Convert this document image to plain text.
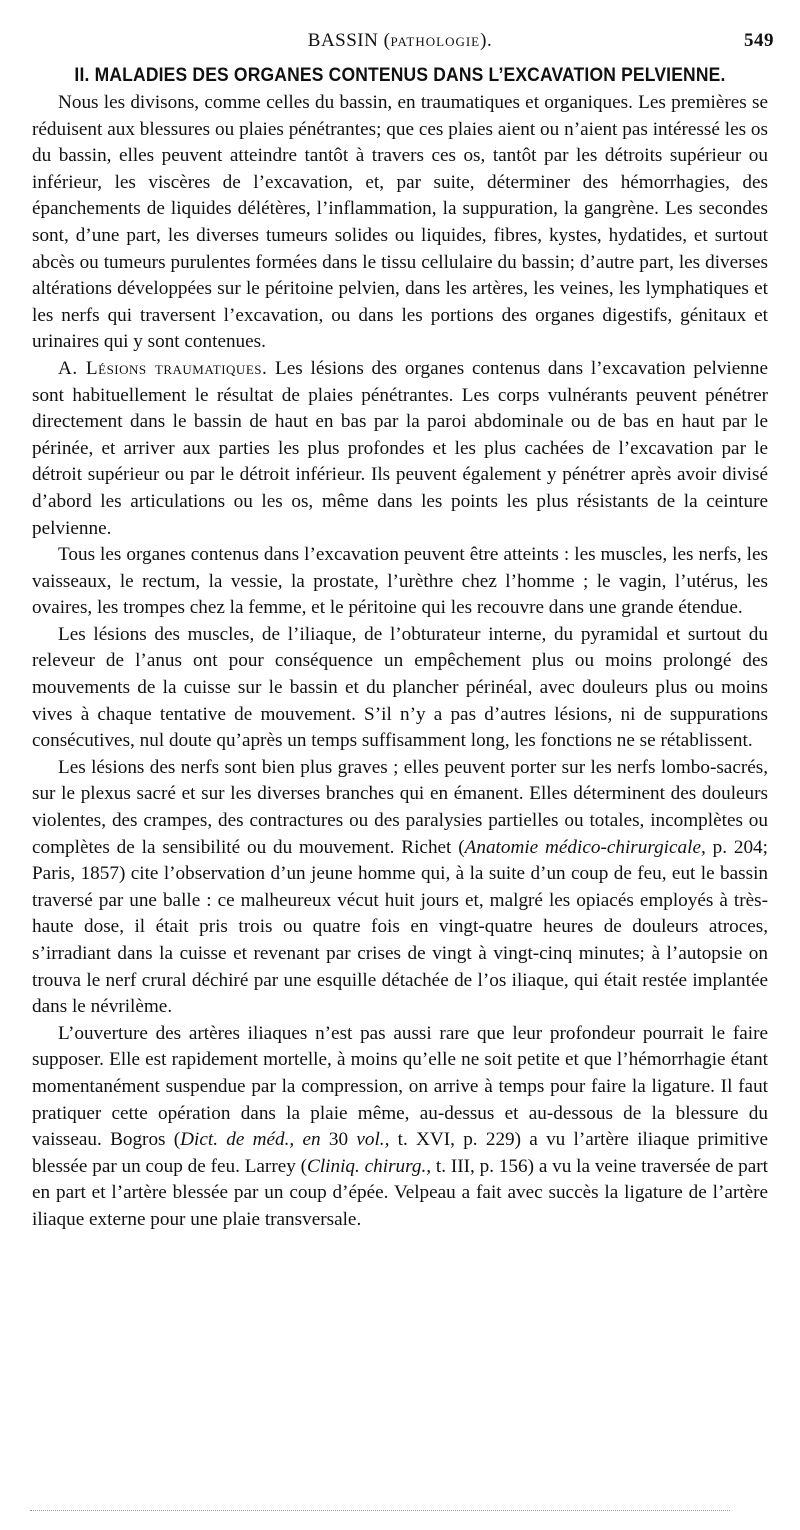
BASSIN (PATHOLOGIE).	549
II. MALADIES DES ORGANES CONTENUS DANS L’EXCAVATION PELVIENNE.

Nous les divisons, comme celles du bassin, en traumatiques et organiques. Les premières se réduisent aux blessures ou plaies pénétrantes; que ces plaies aient ou n’aient pas intéressé les os du bassin, elles peuvent atteindre tantôt à travers ces os, tantôt par les détroits supérieur ou inférieur, les viscères de l’excavation, et, par suite, déterminer des hémorrhagies, des épanchements de liquides délétères, l’inflammation, la suppuration, la gangrène. Les secondes sont, d’une part, les diverses tumeurs solides ou liquides, fibres, kystes, hydatides, et surtout abcès ou tumeurs purulentes formées dans le tissu cellulaire du bassin; d’autre part, les diverses altérations développées sur le péritoine pelvien, dans les artères, les veines, les lymphatiques et les nerfs qui traversent l’excavation, ou dans les portions des organes digestifs, génitaux et urinaires qui y sont contenues.

A. Lésions traumatiques. Les lésions des organes contenus dans l’excavation pelvienne sont habituellement le résultat de plaies pénétrantes. Les corps vulnérants peuvent pénétrer directement dans le bassin de haut en bas par la paroi abdominale ou de bas en haut par le périnée, et arriver aux parties les plus profondes et les plus cachées de l’excavation par le détroit supérieur ou par le détroit inférieur. Ils peuvent également y pénétrer après avoir divisé d’abord les articulations ou les os, même dans les points les plus résistants de la ceinture pelvienne.

Tous les organes contenus dans l’excavation peuvent être atteints : les muscles, les nerfs, les vaisseaux, le rectum, la vessie, la prostate, l’urèthre chez l’homme ; le vagin, l’utérus, les ovaires, les trompes chez la femme, et le péritoine qui les recouvre dans une grande étendue.

Les lésions des muscles, de l’iliaque, de l’obturateur interne, du pyramidal et surtout du releveur de l’anus ont pour conséquence un empêchement plus ou moins prolongé des mouvements de la cuisse sur le bassin et du plancher périnéal, avec douleurs plus ou moins vives à chaque tentative de mouvement. S’il n’y a pas d’autres lésions, ni de suppurations consécutives, nul doute qu’après un temps suffisamment long, les fonctions ne se rétablissent.

Les lésions des nerfs sont bien plus graves ; elles peuvent porter sur les nerfs lombo-sacrés, sur le plexus sacré et sur les diverses branches qui en émanent. Elles déterminent des douleurs violentes, des crampes, des contractures ou des paralysies partielles ou totales, incomplètes ou complètes de la sensibilité ou du mouvement. Richet (Anatomie médico-chirurgicale, p. 204; Paris, 1857) cite l’observation d’un jeune homme qui, à la suite d’un coup de feu, eut le bassin traversé par une balle : ce malheureux vécut huit jours et, malgré les opiacés employés à très-haute dose, il était pris trois ou quatre fois en vingt-quatre heures de douleurs atroces, s’irradiant dans la cuisse et revenant par crises de vingt à vingt-cinq minutes; à l’autopsie on trouva le nerf crural déchiré par une esquille détachée de l’os iliaque, qui était restée implantée dans le névrilème.

L’ouverture des artères iliaques n’est pas aussi rare que leur profondeur pourrait le faire supposer. Elle est rapidement mortelle, à moins qu’elle ne soit petite et que l’hémorrhagie étant momentanément suspendue par la compression, on arrive à temps pour faire la ligature. Il faut pratiquer cette opération dans la plaie même, au-dessus et au-dessous de la blessure du vaisseau. Bogros (Dict. de méd., en 30 vol., t. XVI, p. 229) a vu l’artère iliaque primitive blessée par un coup de feu. Larrey (Cliniq. chirurg., t. III, p. 156) a vu la veine traversée de part en part et l’artère blessée par un coup d’épée. Velpeau a fait avec succès la ligature de l’artère iliaque externe pour une plaie transversale.
